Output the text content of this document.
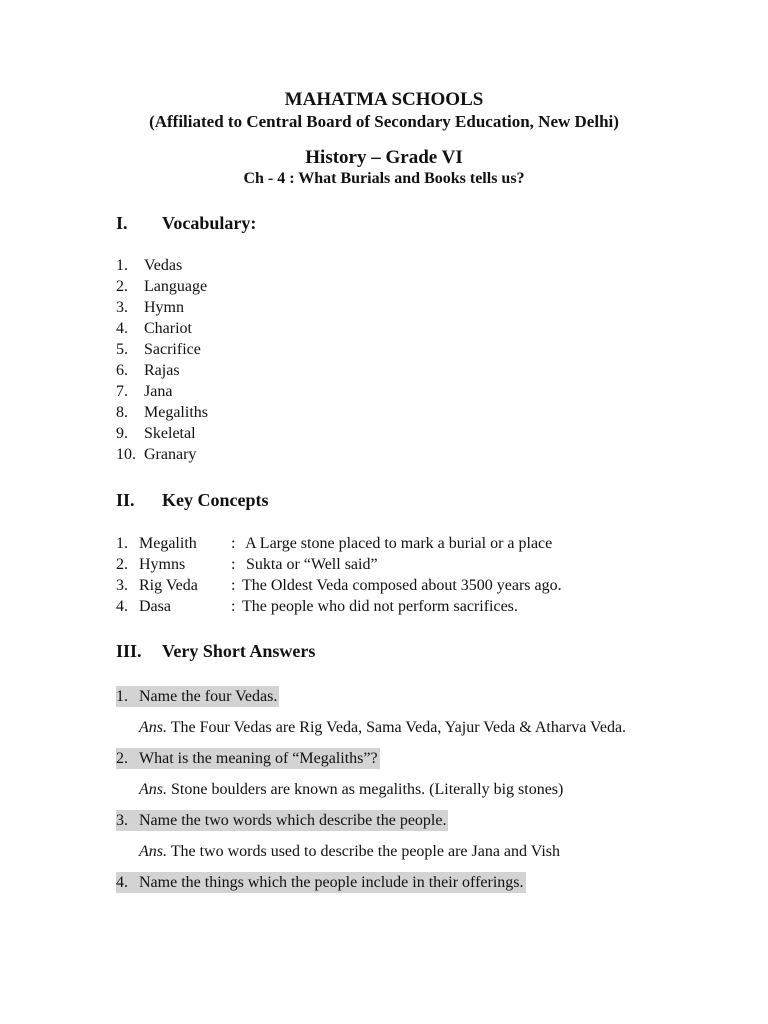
MAHATMA SCHOOLS
(Affiliated to Central Board of Secondary Education, New Delhi)
History – Grade VI
Ch - 4 : What Burials and Books tells us?
I. Vocabulary:
1. Vedas
2. Language
3. Hymn
4. Chariot
5. Sacrifice
6. Rajas
7. Jana
8. Megaliths
9. Skeletal
10. Granary
II. Key Concepts
1. Megalith: A Large stone placed to mark a burial or a place
2. Hymns	: Sukta or “Well said”
3. Rig Veda : The Oldest Veda composed about 3500 years ago.
4. Dasa	: The people who did not perform sacrifices.
III. Very Short Answers
1. Name the four Vedas.
Ans. The Four Vedas are Rig Veda, Sama Veda, Yajur Veda & Atharva Veda.
2. What is the meaning of “Megaliths”?
Ans. Stone boulders are known as megaliths. (Literally big stones)
3. Name the two words which describe the people.
Ans. The two words used to describe the people are Jana and Vish
4. Name the things which the people include in their offerings.
